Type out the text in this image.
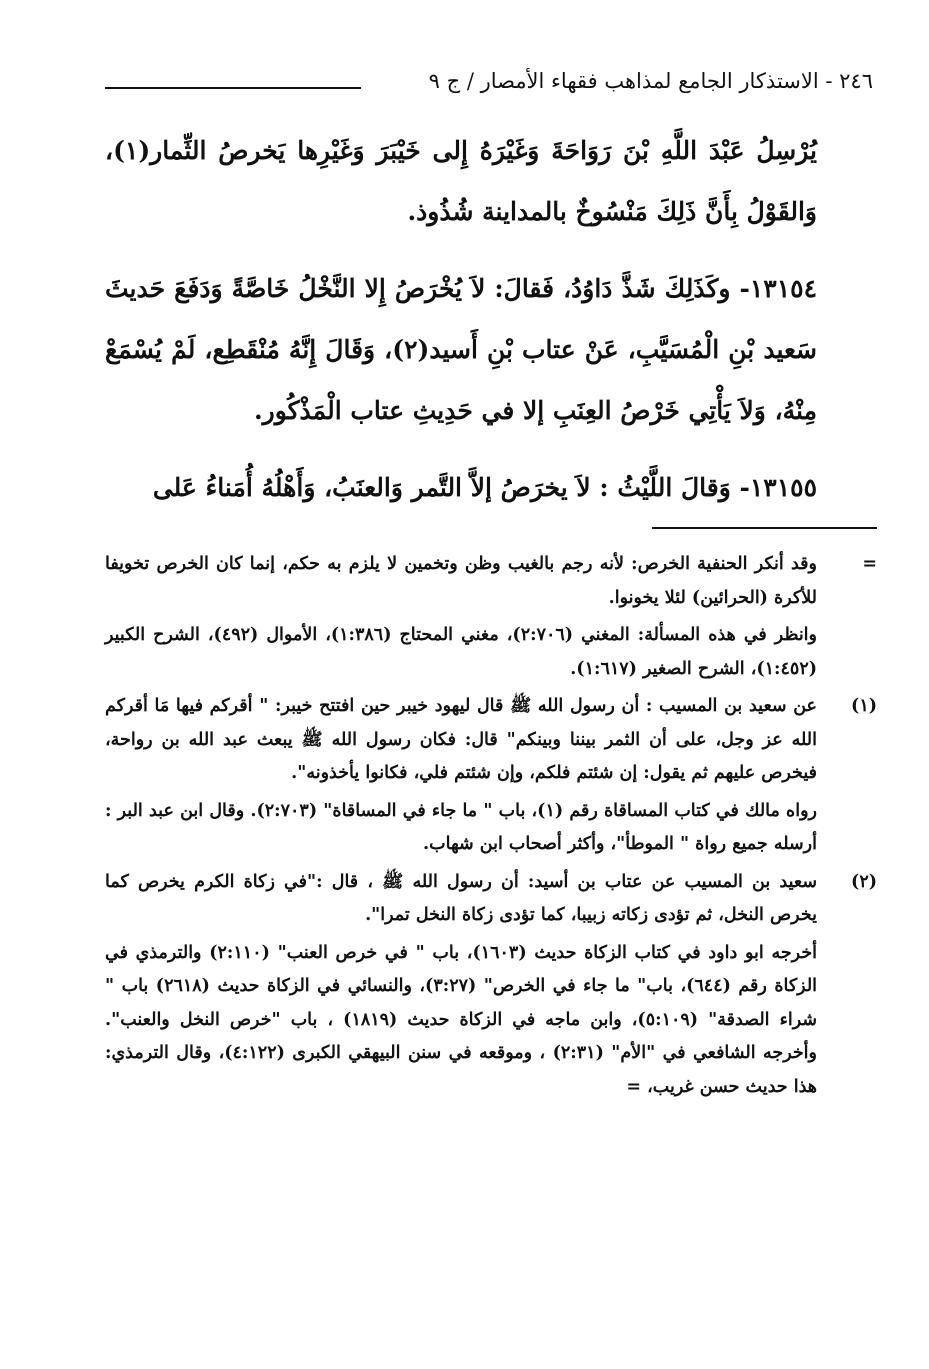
٢٤٦ - الاستذكار الجامع لمذاهب فقهاء الأمصار / ج ٩

يُرْسِلُ عَبْدَ اللَّهِ بْنَ رَوَاحَةَ وَغَيْرَهُ إِلى خَيْبَرَ وَغَيْرِها يَخرصُ الثِّمار(١)، وَالقَوْلُ بِأَنَّ ذَلِكَ مَنْسُوخٌ بالمداينة شُذُوذ.

١٣١٥٤- وكَذَلِكَ شَذَّ دَاوُدُ، فَقالَ: لاَ يُخْرَصُ إِلا النَّخْلُ خَاصَّةً وَدَفَعَ حَديثَ سَعيد بْنِ الْمُسَيَّبِ، عَنْ عتاب بْنِ أَسيد(٢)، وَقَالَ إِنَّهُ مُنْقَطِع، لَمْ يُسْمَعْ مِنْهُ، وَلاَ يَأْتِي خَرْصُ العِنَبِ إلا في حَدِيثِ عتاب الْمَذْكُور.

١٣١٥٥- وَقالَ اللَّيْثُ : لاَ يخرَصُ إلاَّ التَّمر وَالعنَبُ، وَأَهْلُهُ أُمَناءُ عَلى

=
وقد أنكر الحنفية الخرص: لأنه رجم بالغيب وظن وتخمين لا يلزم به حكم، إنما كان الخرص تخويفا للأكرة (الحرائين) لئلا يخونوا.

وانظر في هذه المسألة: المغني (٢:٧٠٦)، مغني المحتاج (١:٣٨٦)، الأموال (٤٩٢)، الشرح الكبير (١:٤٥٢)، الشرح الصغير (١:٦١٧).

(١)
عن سعيد بن المسيب : أن رسول الله ﷺ قال ليهود خيبر حين افتتح خيبر: " أقركم فيها مَا أقركم الله عز وجل، على أن الثمر بيننا وبينكم" قال: فكان رسول الله ﷺ يبعث عبد الله بن رواحة، فيخرص عليهم ثم يقول: إن شئتم فلكم، وإن شئتم فلي، فكانوا يأخذونه".

رواه مالك في كتاب المساقاة رقم (١)، باب " ما جاء في المساقاة" (٢:٧٠٣). وقال ابن عبد البر : أرسله جميع رواة " الموطأ"، وأكثر أصحاب ابن شهاب.

(٢)
سعيد بن المسيب عن عتاب بن أسيد: أن رسول الله ﷺ ، قال :"في زكاة الكرم يخرص كما يخرص النخل، ثم تؤدى زكاته زبيبا، كما تؤدى زكاة النخل تمرا".

أخرجه ابو داود في كتاب الزكاة حديث (١٦٠٣)، باب " في خرص العنب" (٢:١١٠) والترمذي في الزكاة رقم (٦٤٤)، باب" ما جاء في الخرص" (٣:٢٧)، والنسائي في الزكاة حديث (٢٦١٨) باب " شراء الصدقة" (٥:١٠٩)، وابن ماجه في الزكاة حديث (١٨١٩) ، باب "خرص النخل والعنب". وأخرجه الشافعي في "الأم" (٢:٣١) ، وموقعه في سنن البيهقي الكبرى (٤:١٢٢)، وقال الترمذي: هذا حديث حسن غريب، =
